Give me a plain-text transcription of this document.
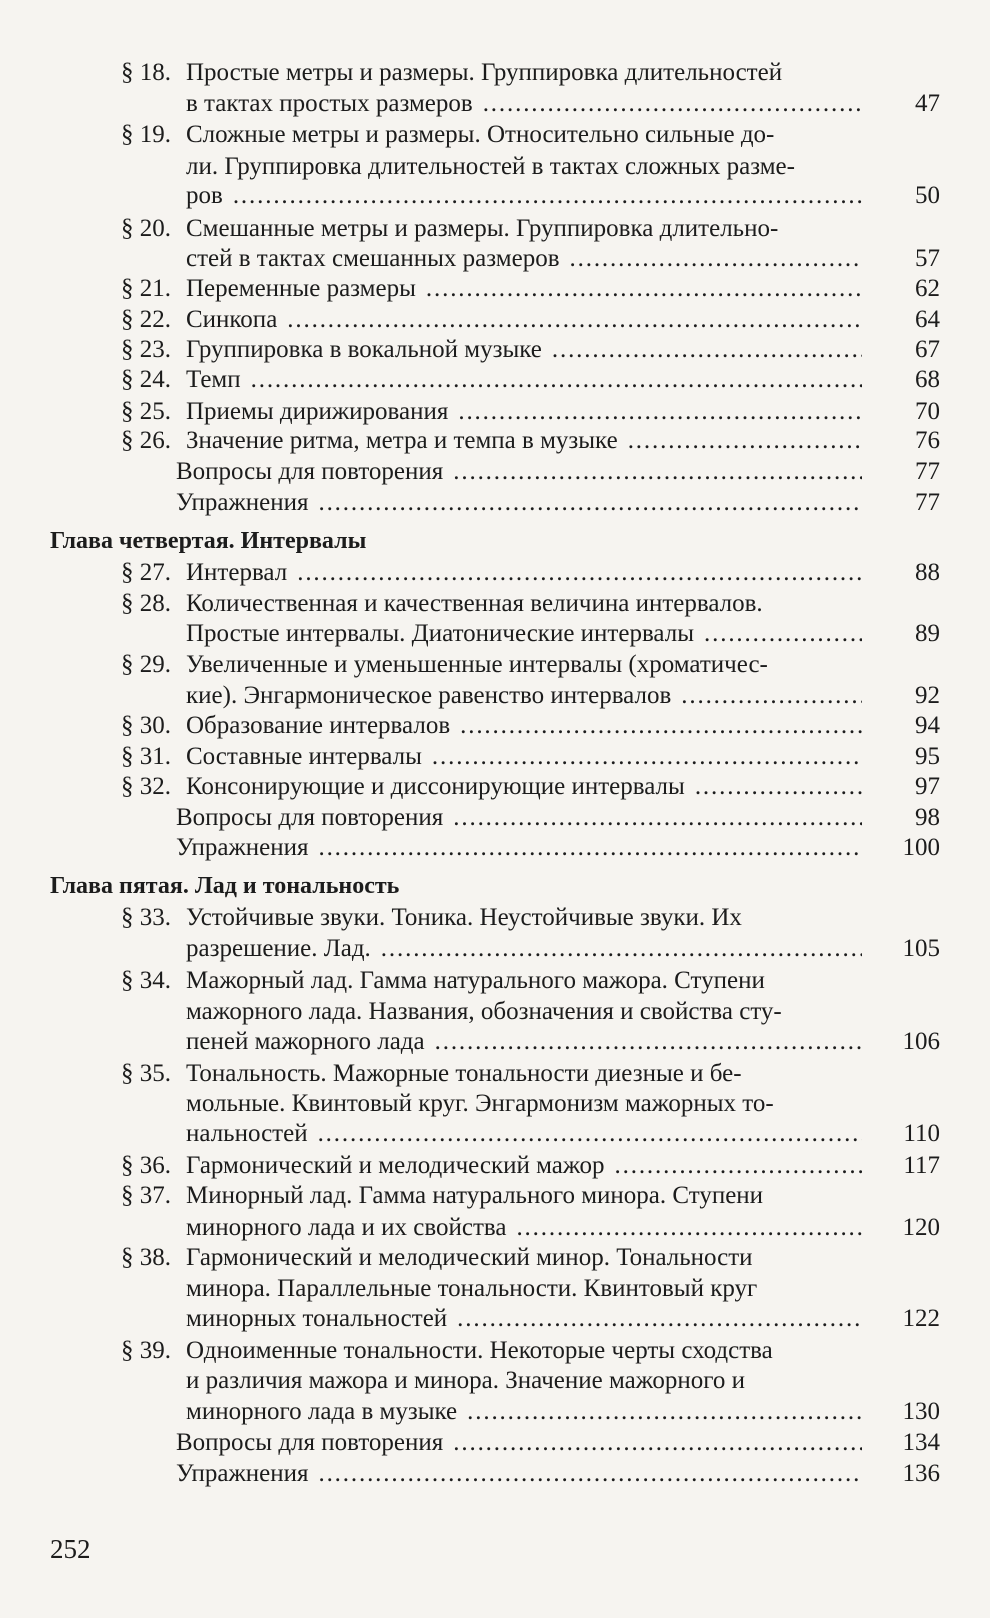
§ 18. Простые метры и размеры. Группировка длительностей
в тактах простых размеров . . .	47
§ 19. Сложные метры и размеры. Относительно сильные до-
ли. Группировка длительностей в тактах сложных разме-
ров . . .	50
§ 20. Смешанные метры и размеры. Группировка длительно-
стей в тактах смешанных размеров . . .	57
§ 21. Переменные размеры . . .	62
§ 22. Синкопа . . .	64
§ 23. Группировка в вокальной музыке . . .	67
§ 24. Темп . . .	68
§ 25. Приемы дирижирования . . .	70
§ 26. Значение ритма, метра и темпа в музыке . . .	76
Вопросы для повторения . . .	77
Упражнения . . .	77
Глава четвертая. Интервалы
§ 27. Интервал . . .	88
§ 28. Количественная и качественная величина интервалов.
Простые интервалы. Диатонические интервалы . . .	89
§ 29. Увеличенные и уменьшенные интервалы (хроматичес-
кие). Энгармоническое равенство интервалов . . .	92
§ 30. Образование интервалов . . .	94
§ 31. Составные интервалы . . .	95
§ 32. Консонирующие и диссонирующие интервалы . . .	97
Вопросы для повторения . . .	98
Упражнения . . .	100
Глава пятая. Лад и тональность
§ 33. Устойчивые звуки. Тоника. Неустойчивые звуки. Их
разрешение. Лад. . . .	105
§ 34. Мажорный лад. Гамма натурального мажора. Ступени
мажорного лада. Названия, обозначения и свойства сту-
пеней мажорного лада . . .	106
§ 35. Тональность. Мажорные тональности диезные и бе-
мольные. Квинтовый круг. Энгармонизм мажорных то-
нальностей . . .	110
§ 36. Гармонический и мелодический мажор . . .	117
§ 37. Минорный лад. Гамма натурального минора. Ступени
минорного лада и их свойства . . .	120
§ 38. Гармонический и мелодический минор. Тональности
минора. Параллельные тональности. Квинтовый круг
минорных тональностей . . .	122
§ 39. Одноименные тональности. Некоторые черты сходства
и различия мажора и минора. Значение мажорного и
минорного лада в музыке . . .	130
Вопросы для повторения . . .	134
Упражнения . . .	136
252
